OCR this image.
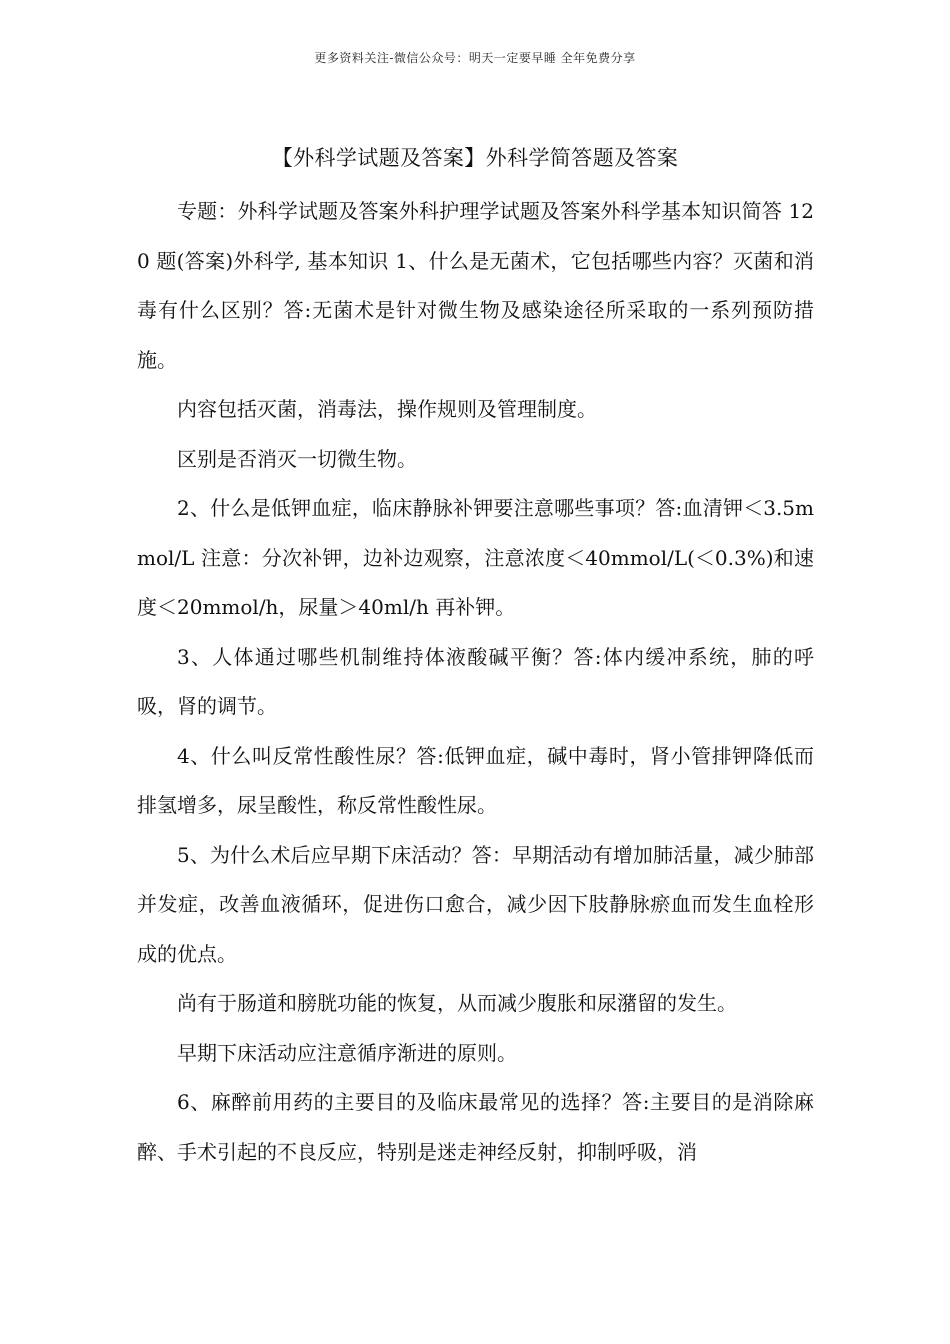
更多资料关注-微信公众号：明天一定要早睡 全年免费分享
【外科学试题及答案】外科学简答题及答案

专题：外科学试题及答案外科护理学试题及答案外科学基本知识简答 120 题(答案)外科学, 基本知识 1、什么是无菌术，它包括哪些内容？灭菌和消毒有什么区别？答:无菌术是针对微生物及感染途径所采取的一系列预防措施。

内容包括灭菌，消毒法，操作规则及管理制度。

区别是否消灭一切微生物。

2、什么是低钾血症，临床静脉补钾要注意哪些事项？答:血清钾＜3.5mmol/L 注意：分次补钾，边补边观察，注意浓度＜40mmol/L(＜0.3%)和速度＜20mmol/h，尿量＞40ml/h 再补钾。

3、人体通过哪些机制维持体液酸碱平衡？答:体内缓冲系统，肺的呼吸，肾的调节。

4、什么叫反常性酸性尿？答:低钾血症，碱中毒时，肾小管排钾降低而排氢增多，尿呈酸性，称反常性酸性尿。

5、为什么术后应早期下床活动？答：早期活动有增加肺活量，减少肺部并发症，改善血液循环，促进伤口愈合，减少因下肢静脉瘀血而发生血栓形成的优点。

尚有于肠道和膀胱功能的恢复，从而减少腹胀和尿潴留的发生。

早期下床活动应注意循序渐进的原则。

6、麻醉前用药的主要目的及临床最常见的选择？答:主要目的是消除麻醉、手术引起的不良反应，特别是迷走神经反射，抑制呼吸，消
